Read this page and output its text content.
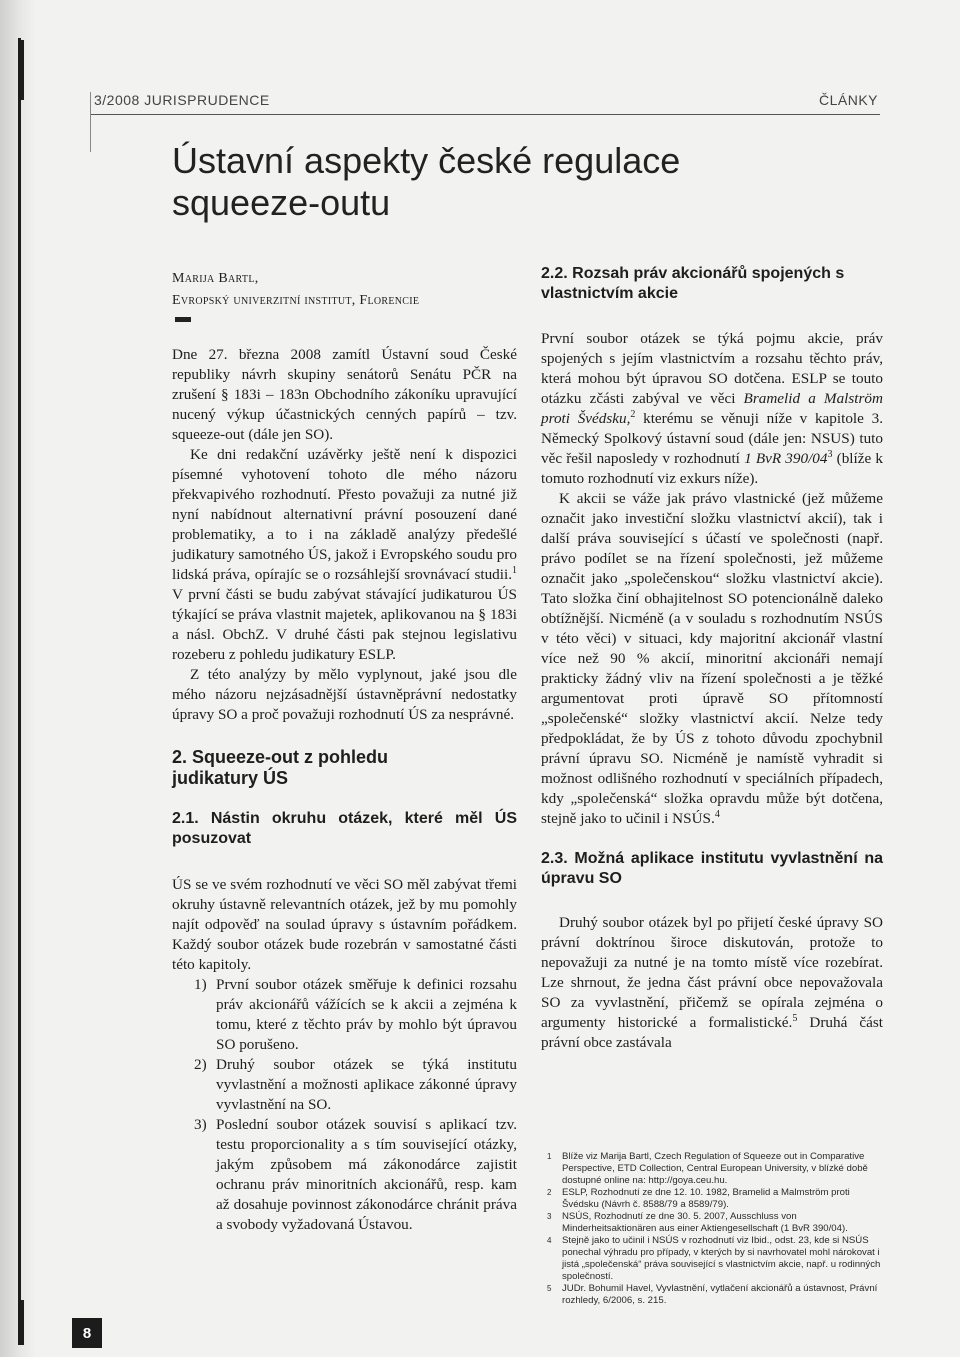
3/2008 JURISPRUDENCE	ČLÁNKY
Ústavní aspekty české regulace squeeze-outu
Marija Bartl,
Evropský univerzitní institut, Florencie

Dne 27. března 2008 zamítl Ústavní soud České republiky návrh skupiny senátorů Senátu PČR na zrušení § 183i – 183n Obchodního zákoníku upravující nucený výkup účastnických cenných papírů – tzv. squeeze-out (dále jen SO).

Ke dni redakční uzávěrky ještě není k dispozici písemné vyhotovení tohoto dle mého názoru překvapivého rozhodnutí. Přesto považuji za nutné již nyní nabídnout alternativní právní posouzení dané problematiky, a to i na základě analýzy předešlé judikatury samotného ÚS, jakož i Evropského soudu pro lidská práva, opírajíc se o rozsáhlejší srovnávací studii.$^1$ V první části se budu zabývat stávající judikaturou ÚS týkající se práva vlastnit majetek, aplikovanou na § 183i a násl. ObchZ. V druhé části pak stejnou legislativu rozeberu z pohledu judikatury ESLP.

Z této analýzy by mělo vyplynout, jaké jsou dle mého názoru nejzásadnější ústavněprávní nedostatky úpravy SO a proč považuji rozhodnutí ÚS za nesprávné.

2. Squeeze-out z pohledu
judikatury ÚS
2.1. Nástin okruhu otázek, které měl ÚS posuzovat

ÚS se ve svém rozhodnutí ve věci SO měl zabývat třemi okruhy ústavně relevantních otázek, jež by mu pomohly najít odpověď na soulad úpravy s ústavním pořádkem. Každý soubor otázek bude rozebrán v samostatné části této kapitoly.

1) První soubor otázek směřuje k definici rozsahu práv akcionářů vážících se k akcii a zejména k tomu, které z těchto práv by mohlo být úpravou SO porušeno.
2) Druhý soubor otázek se týká institutu vyvlastnění a možnosti aplikace zákonné úpravy vyvlastnění na SO.
3) Poslední soubor otázek souvisí s aplikací tzv. testu proporcionality a s tím související otázky, jakým způsobem má zákonodárce zajistit ochranu práv minoritních akcionářů, resp. kam až dosahuje povinnost zákonodárce chránit práva a svobody vyžadovaná Ústavou.
2.2. Rozsah práv akcionářů spojených s vlastnictvím akcie

První soubor otázek se týká pojmu akcie, práv spojených s jejím vlastnictvím a rozsahu těchto práv, která mohou být úpravou SO dotčena. ESLP se touto otázku zčásti zabýval ve věci Bramelid a Malström proti Švédsku,$^2$ kterému se věnuji níže v kapitole 3. Německý Spolkový ústavní soud (dále jen: NSUS) tuto věc řešil naposledy v rozhodnutí 1 BvR $390/04^3$ (blíže k tomuto rozhodnutí viz exkurs níže).

K akcii se váže jak právo vlastnické (jež můžeme označit jako investiční složku vlastnictví akcií), tak i další práva související s účastí ve společnosti (např. právo podílet se na řízení společnosti, jež můžeme označit jako „společenskou“ složku vlastnictví akcie). Tato složka činí obhajitelnost SO potencionálně daleko obtížnější. Nicméně (a v souladu s rozhodnutím NSÚS v této věci) v situaci, kdy majoritní akcionář vlastní více než 90 % akcií, minoritní akcionáři nemají prakticky žádný vliv na řízení společnosti a je těžké argumentovat proti úpravě SO přítomností „společenské“ složky vlastnictví akcií. Nelze tedy předpokládat, že by ÚS z tohoto důvodu zpochybnil právní úpravu SO. Nicméně je namístě vyhradit si možnost odlišného rozhodnutí v speciálních případech, kdy „společenská“ složka opravdu může být dotčena, stejně jako to učinil i NSÚS.$^4$

2.3. Možná aplikace institutu vyvlastnění na úpravu SO

Druhý soubor otázek byl po přijetí české úpravy SO právní doktrínou široce diskutován, protože to nepovažuji za nutné je na tomto místě více rozebírat. Lze shrnout, že jedna část právní obce nepovažovala SO za vyvlastnění, přičemž se opírala zejména o argumenty historické a formalistické.$^5$ Druhá část právní obce zastávala

1 Blíže viz Marija Bartl, Czech Regulation of Squeeze out in Comparative Perspective, ETD Collection, Central European University, v blízké době dostupné online na: http://goya.ceu.hu.
2 ESLP, Rozhodnutí ze dne 12. 10. 1982, Bramelid a Malmström proti Švédsku (Návrh č. 8588/79 a 8589/79).
3 NSÚS, Rozhodnutí ze dne 30. 5. 2007, Ausschluss von Minderheitsaktionären aus einer Aktiengesellschaft (1 BvR 390/04).
4 Stejně jako to učinil i NSÚS v rozhodnutí viz Ibid., odst. 23, kde si NSÚS ponechal výhradu pro případy, v kterých by si navrhovatel mohl nárokovat i jistá „společenská“ práva související s vlastnictvím akcie, např. u rodinných společností.
5 JUDr. Bohumil Havel, Vyvlastnění, vytlačení akcionářů a ústavnost, Právní rozhledy, 6/2006, s. 215.
8
